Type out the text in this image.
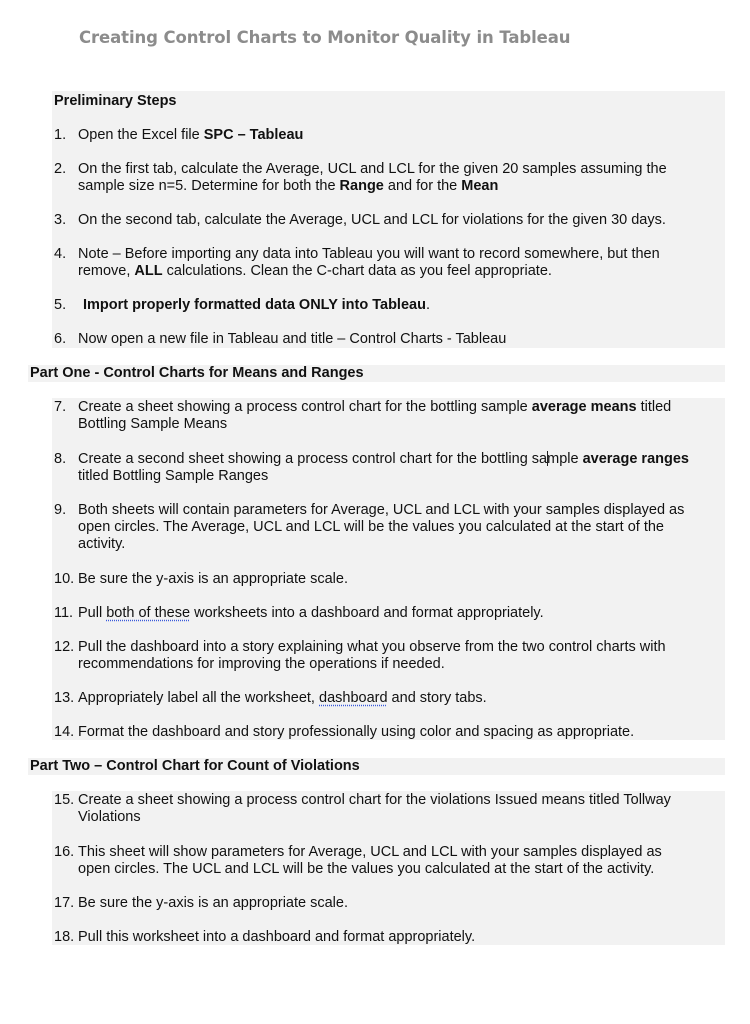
Creating Control Charts to Monitor Quality in Tableau
Preliminary Steps
1. Open the Excel file SPC – Tableau
2. On the first tab, calculate the Average, UCL and LCL for the given 20 samples assuming the
sample size n=5. Determine for both the Range and for the Mean
3. On the second tab, calculate the Average, UCL and LCL for violations for the given 30 days.
4. Note – Before importing any data into Tableau you will want to record somewhere, but then
remove, ALL calculations. Clean the C-chart data as you feel appropriate.
5.	Import properly formatted data ONLY into Tableau.
6. Now open a new file in Tableau and title – Control Charts - Tableau
Part One - Control Charts for Means and Ranges
7. Create a sheet showing a process control chart for the bottling sample average means titled
Bottling Sample Means
8. Create a second sheet showing a process control chart for the bottling sample average ranges
titled Bottling Sample Ranges
9. Both sheets will contain parameters for Average, UCL and LCL with your samples displayed as
open circles. The Average, UCL and LCL will be the values you calculated at the start of the
activity.
10. Be sure the y-axis is an appropriate scale.
11. Pull both of these worksheets into a dashboard and format appropriately.
12. Pull the dashboard into a story explaining what you observe from the two control charts with
recommendations for improving the operations if needed.
13. Appropriately label all the worksheet, dashboard and story tabs.
14. Format the dashboard and story professionally using color and spacing as appropriate.
Part Two – Control Chart for Count of Violations
15. Create a sheet showing a process control chart for the violations Issued means titled Tollway
Violations
16. This sheet will show parameters for Average, UCL and LCL with your samples displayed as
open circles. The UCL and LCL will be the values you calculated at the start of the activity.
17. Be sure the y-axis is an appropriate scale.
18. Pull this worksheet into a dashboard and format appropriately.
